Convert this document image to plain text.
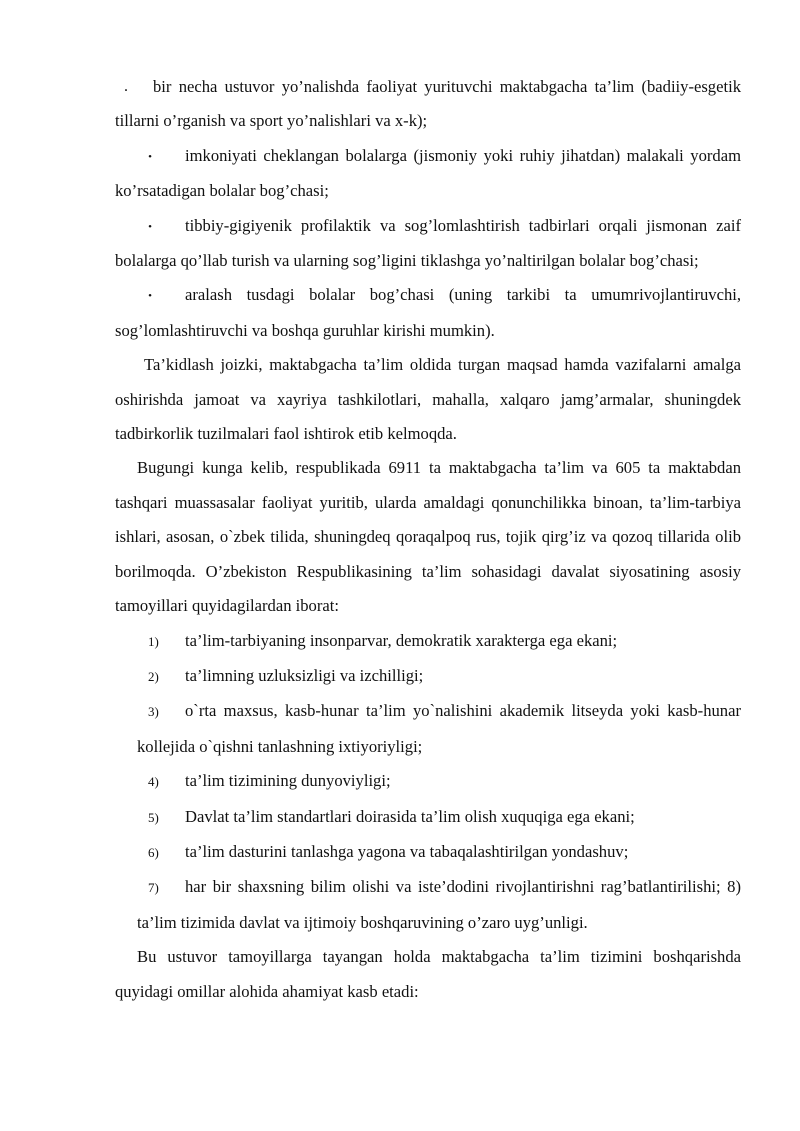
. bir necha ustuvor yo’nalishda faoliyat yurituvchi maktabgacha ta’lim (badiiy-esgetik tillarni o’rganish va sport yo’nalishlari va x-k);

• imkoniyati cheklangan bolalarga (jismoniy yoki ruhiy jihatdan) malakali yordam ko’rsatadigan bolalar bog’chasi;

• tibbiy-gigiyenik profilaktik va sog’lomlashtirish tadbirlari orqali jismonan zaif bolalarga qo’llab turish va ularning sog’ligini tiklashga yo’naltirilgan bolalar bog’chasi;

• aralash tusdagi bolalar bog’chasi (uning tarkibi ta umumrivojlantiruvchi, sog’lomlashtiruvchi va boshqa guruhlar kirishi mumkin).

Ta’kidlash joizki, maktabgacha ta’lim oldida turgan maqsad hamda vazifalarni amalga oshirishda jamoat va xayriya tashkilotlari, mahalla, xalqaro jamg’armalar, shuningdek tadbirkorlik tuzilmalari faol ishtirok etib kelmoqda.

Bugungi kunga kelib, respublikada 6911 ta maktabgacha ta’lim va 605 ta maktabdan tashqari muassasalar faoliyat yuritib, ularda amaldagi qonunchilikka binoan, ta’lim-tarbiya ishlari, asosan, o`zbek tilida, shuningdeq qoraqalpoq rus, tojik qirg’iz va qozoq tillarida olib borilmoqda. O’zbekiston Respublikasining ta’lim sohasidagi davalat siyosatining asosiy tamoyillari quyidagilardan iborat:

1) ta’lim-tarbiyaning insonparvar, demokratik xarakterga ega ekani;

2) ta’limning uzluksizligi va izchilligi;

3) o`rta maxsus, kasb-hunar ta’lim yo`nalishini akademik litseyda yoki kasb-hunar kollejida o`qishni tanlashning ixtiyoriyligi;

4) ta’lim tizimining dunyoviyligi;

5) Davlat ta’lim standartlari doirasida ta’lim olish xuquqiga ega ekani;

6) ta’lim dasturini tanlashga yagona va tabaqalashtirilgan yondashuv;

7) har bir shaxsning bilim olishi va iste’dodini rivojlantirishni rag’batlantirilishi; 8) ta’lim tizimida davlat va ijtimoiy boshqaruvining o’zaro uyg’unligi.

Bu ustuvor tamoyillarga tayangan holda maktabgacha ta’lim tizimini boshqarishda quyidagi omillar alohida ahamiyat kasb etadi:
